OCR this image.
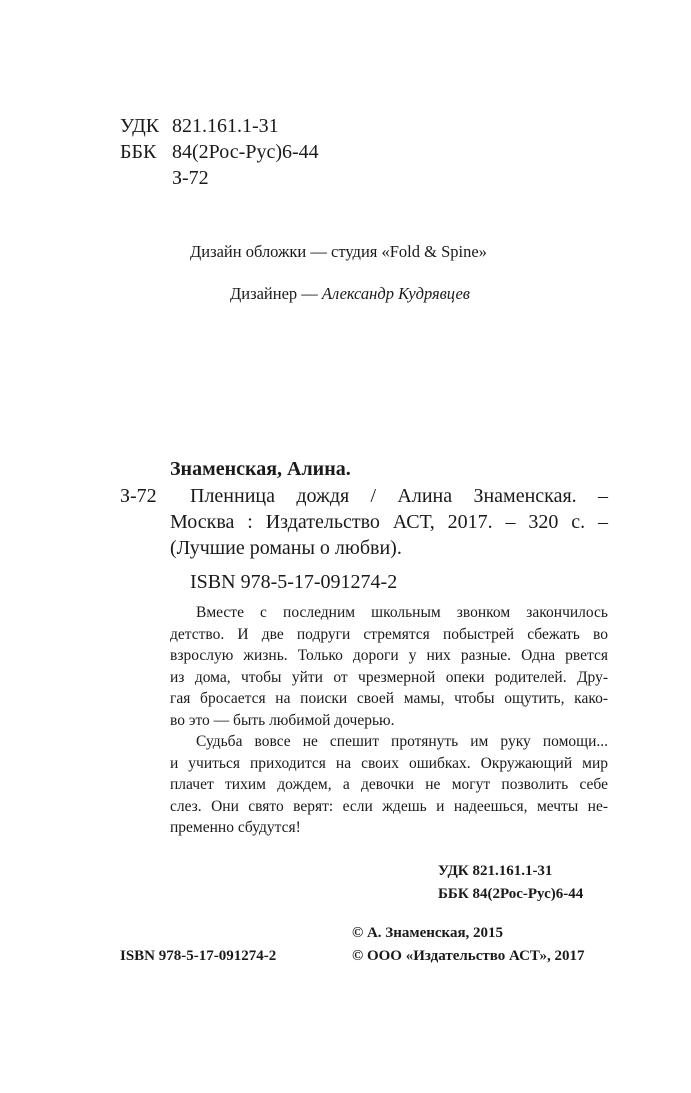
УДК 821.161.1-31
ББК 84(2Рос-Рус)6-44
З-72
Дизайн обложки — студия «Fold & Spine»
Дизайнер — Александр Кудрявцев
Знаменская, Алина.
З-72 Пленница дождя / Алина Знаменская. –
Москва : Издательство АСТ, 2017. – 320 с. –
(Лучшие романы о любви).
ISBN 978-5-17-091274-2
Вместе с последним школьным звонком закончилось
детство. И две подруги стремятся побыстрей сбежать во
взрослую жизнь. Только дороги у них разные. Одна рвется
из дома, чтобы уйти от чрезмерной опеки родителей. Дру-
гая бросается на поиски своей мамы, чтобы ощутить, како-
во это — быть любимой дочерью.
Судьба вовсе не спешит протянуть им руку помощи...
и учиться приходится на своих ошибках. Окружающий мир
плачет тихим дождем, а девочки не могут позволить себе
слез. Они свято верят: если ждешь и надеешься, мечты не-
пременно сбудутся!
УДК 821.161.1-31
ББК 84(2Рос-Рус)6-44
© А. Знаменская, 2015
ISBN 978-5-17-091274-2	© ООО «Издательство АСТ», 2017
